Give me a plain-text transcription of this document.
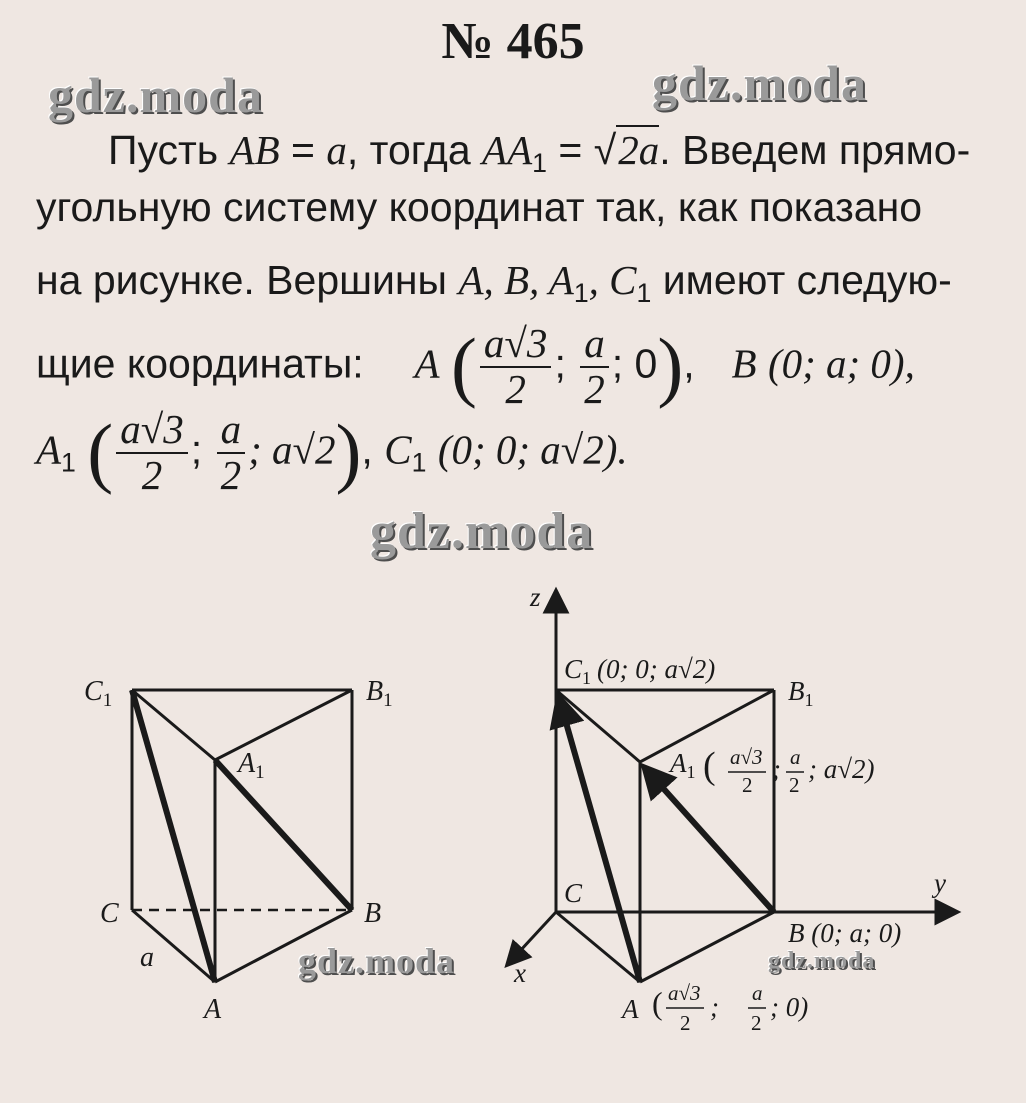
№ 465
gdz.moda	gdz.moda
gdz.moda
gdz.moda	gdz.moda
Пусть AB = a, тогда $AA_1 = √2a$. Введем прямо-
угольную систему координат так, как показано
на рисунке. Вершины A, B, $A_1$, $C_1$ имеют следую-
щие координаты: A ( $\frac{a√3}{2}$ ; $\frac{a}{2}$ ; 0),  B (0; a; 0),
$A_1$ ( $\frac{a√3}{2}$ ; $\frac{a}{2}$ ; a√2), $C_1$ (0; 0; a√2).
$C_1$	$B_1$
$A_1$
C	B
a
A
z
y
x
$C_1$ (0; 0; a√2)
$B_1$
C
B (0; a; 0)
$A_1$ ( a√3
2
; a
2
; a√2)
A ( a√3
2
; a
2
; 0)
